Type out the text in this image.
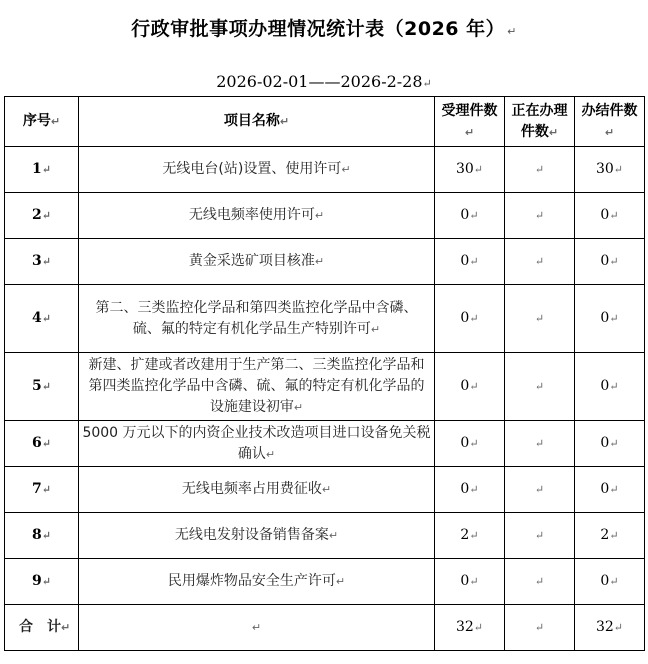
行政审批事项办理情况统计表（2026 年） ↵
2026-02-01——2026-2-28↵
序号↵	项目名称↵	受理件数↵	正在办理件数↵	办结件数↵
1↵	无线电台(站)设置、使用许可↵	30↵	↵	30↵
2↵	无线电频率使用许可↵	0↵	↵	0↵
3↵	黄金采选矿项目核准↵	0↵	↵	0↵
4↵	第二、三类监控化学品和第四类监控化学品中含磷、硫、氟的特定有机化学品生产特别许可↵	0↵	↵	0↵
5↵	新建、扩建或者改建用于生产第二、三类监控化学品和第四类监控化学品中含磷、硫、氟的特定有机化学品的设施建设初审↵	0↵	↵	0↵
6↵	5000 万元以下的内资企业技术改造项目进口设备免关税确认↵	0↵	↵	0↵
7↵	无线电频率占用费征收↵	0↵	↵	0↵
8↵	无线电发射设备销售备案↵	2↵	↵	2↵
9↵	民用爆炸物品安全生产许可↵	0↵	↵	0↵
合　计↵	↵	32↵	↵	32↵
